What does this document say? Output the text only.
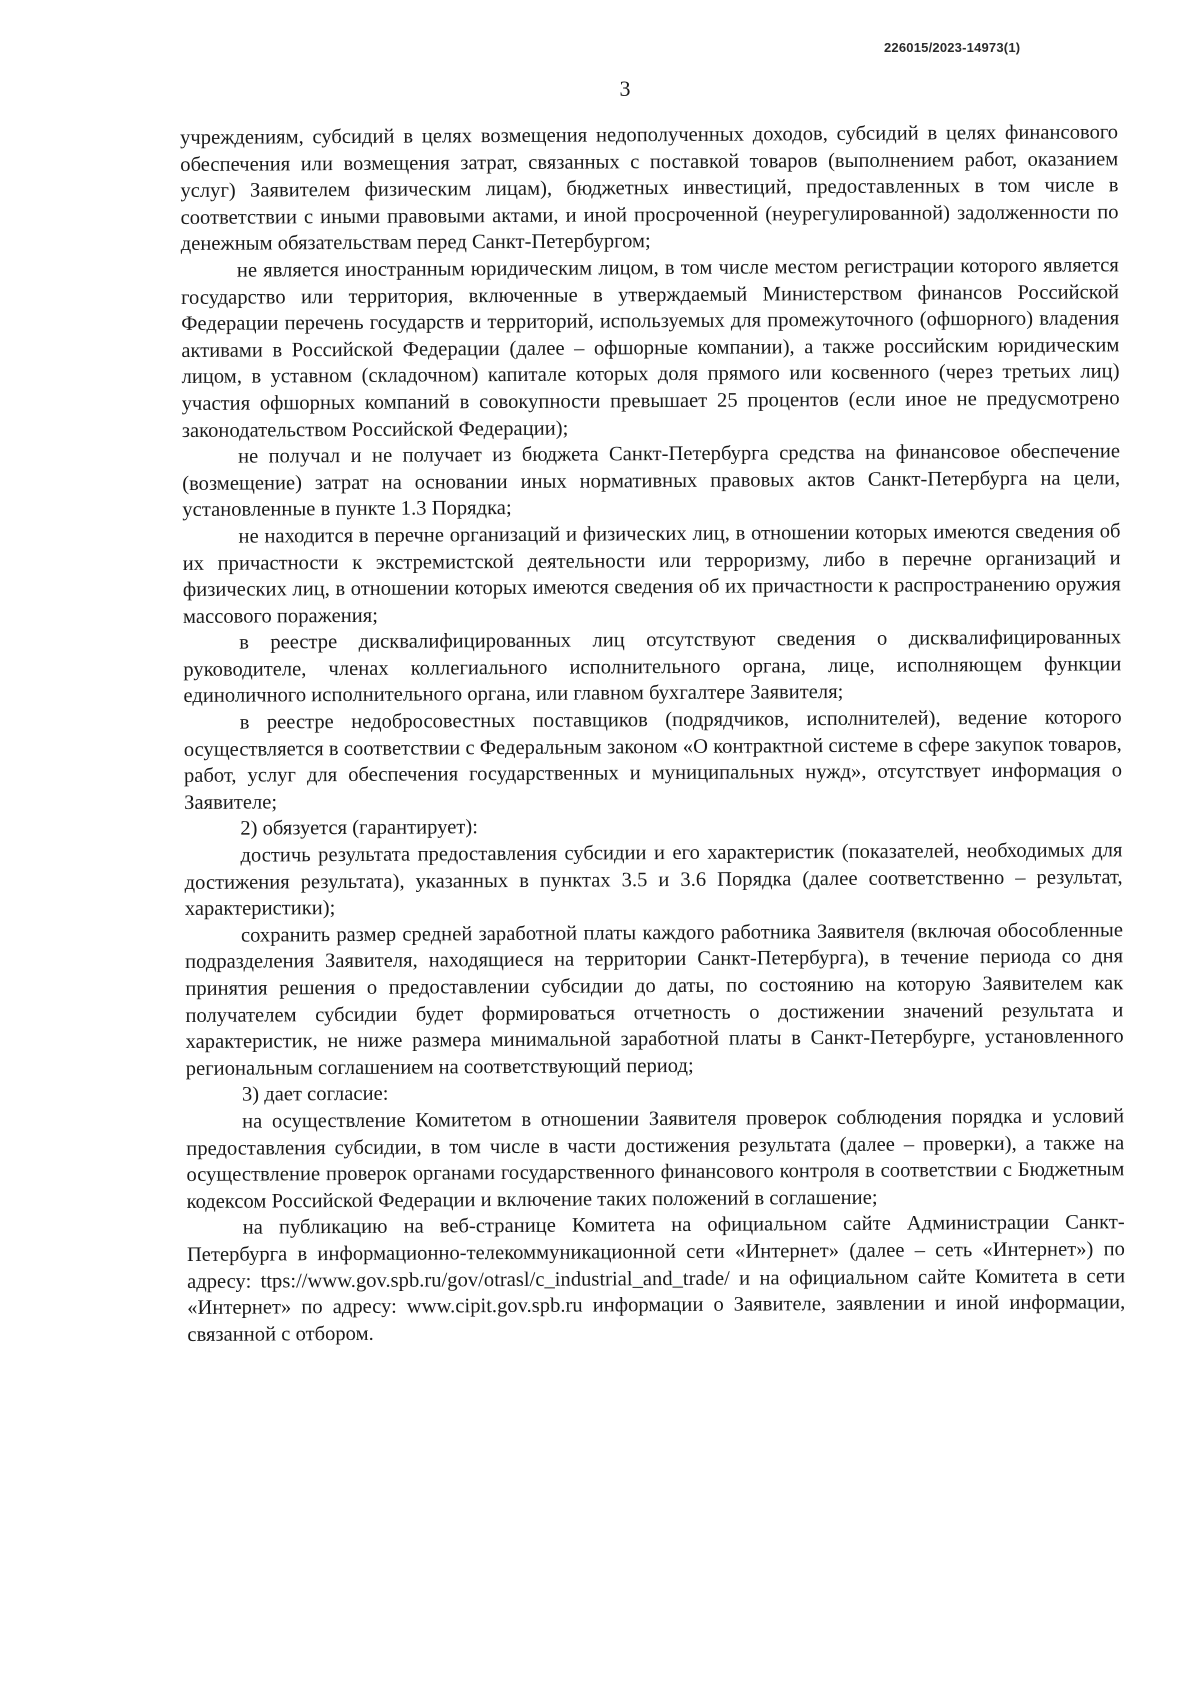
226015/2023-14973(1)
3

учреждениям, субсидий в целях возмещения недополученных доходов, субсидий в целях финансового обеспечения или возмещения затрат, связанных с поставкой товаров (выполнением работ, оказанием услуг) Заявителем физическим лицам), бюджетных инвестиций, предоставленных в том числе в соответствии с иными правовыми актами, и иной просроченной (неурегулированной) задолженности по денежным обязательствам перед Санкт-Петербургом;

не является иностранным юридическим лицом, в том числе местом регистрации которого является государство или территория, включенные в утверждаемый Министерством финансов Российской Федерации перечень государств и территорий, используемых для промежуточного (офшорного) владения активами в Российской Федерации (далее – офшорные компании), а также российским юридическим лицом, в уставном (складочном) капитале которых доля прямого или косвенного (через третьих лиц) участия офшорных компаний в совокупности превышает 25 процентов (если иное не предусмотрено законодательством Российской Федерации);

не получал и не получает из бюджета Санкт-Петербурга средства на финансовое обеспечение (возмещение) затрат на основании иных нормативных правовых актов Санкт-Петербурга на цели, установленные в пункте 1.3 Порядка;

не находится в перечне организаций и физических лиц, в отношении которых имеются сведения об их причастности к экстремистской деятельности или терроризму, либо в перечне организаций и физических лиц, в отношении которых имеются сведения об их причастности к распространению оружия массового поражения;

в реестре дисквалифицированных лиц отсутствуют сведения о дисквалифицированных руководителе, членах коллегиального исполнительного органа, лице, исполняющем функции единоличного исполнительного органа, или главном бухгалтере Заявителя;

в реестре недобросовестных поставщиков (подрядчиков, исполнителей), ведение которого осуществляется в соответствии с Федеральным законом «О контрактной системе в сфере закупок товаров, работ, услуг для обеспечения государственных и муниципальных нужд», отсутствует информация о Заявителе;

2) обязуется (гарантирует):

достичь результата предоставления субсидии и его характеристик (показателей, необходимых для достижения результата), указанных в пунктах 3.5 и 3.6 Порядка (далее соответственно – результат, характеристики);

сохранить размер средней заработной платы каждого работника Заявителя (включая обособленные подразделения Заявителя, находящиеся на территории Санкт-Петербурга), в течение периода со дня принятия решения о предоставлении субсидии до даты, по состоянию на которую Заявителем как получателем субсидии будет формироваться отчетность о достижении значений результата и характеристик, не ниже размера минимальной заработной платы в Санкт-Петербурге, установленного региональным соглашением на соответствующий период;

3) дает согласие:

на осуществление Комитетом в отношении Заявителя проверок соблюдения порядка и условий предоставления субсидии, в том числе в части достижения результата (далее – проверки), а также на осуществление проверок органами государственного финансового контроля в соответствии с Бюджетным кодексом Российской Федерации и включение таких положений в соглашение;

на публикацию на веб-странице Комитета на официальном сайте Администрации Санкт-Петербурга в информационно-телекоммуникационной сети «Интернет» (далее – сеть «Интернет») по адресу: ttps://www.gov.spb.ru/gov/otrasl/c_industrial_and_trade/ и на официальном сайте Комитета в сети «Интернет» по адресу: www.cipit.gov.spb.ru информации о Заявителе, заявлении и иной информации, связанной с отбором.
